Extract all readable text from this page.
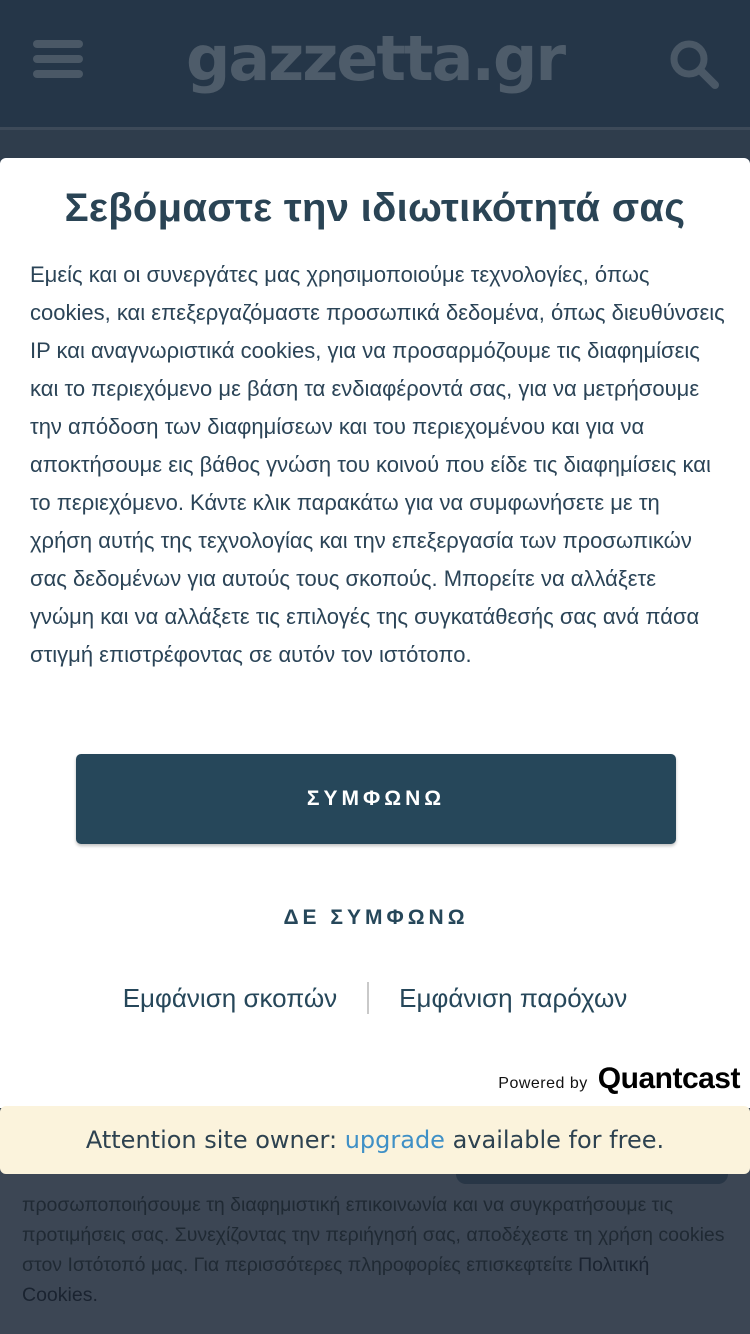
gazzetta.gr

προσωποποιήσουμε τη διαφημιστική επικοινωνία και να συγκρατήσουμε τις προτιμήσεις σας. Συνεχίζοντας την περιήγησή σας, αποδέχεστε τη χρήση cookies στον Ιστότοπό μας. Για περισσότερες πληροφορίες επισκεφτείτε Πολιτική Cookies.

Σεβόμαστε την ιδιωτικότητά σας
Εμείς και οι συνεργάτες μας χρησιμοποιούμε τεχνολογίες, όπως cookies, και επεξεργαζόμαστε προσωπικά δεδομένα, όπως διευθύνσεις IP και αναγνωριστικά cookies, για να προσαρμόζουμε τις διαφημίσεις και το περιεχόμενο με βάση τα ενδιαφέροντά σας, για να μετρήσουμε την απόδοση των διαφημίσεων και του περιεχομένου και για να αποκτήσουμε εις βάθος γνώση του κοινού που είδε τις διαφημίσεις και το περιεχόμενο. Κάντε κλικ παρακάτω για να συμφωνήσετε με τη χρήση αυτής της τεχνολογίας και την επεξεργασία των προσωπικών σας δεδομένων για αυτούς τους σκοπούς. Μπορείτε να αλλάξετε γνώμη και να αλλάξετε τις επιλογές της συγκατάθεσής σας ανά πάσα στιγμή επιστρέφοντας σε αυτόν τον ιστότοπο.
ΣΥΜΦΩΝΩ
ΔΕ ΣΥΜΦΩΝΩ
Εμφάνιση σκοπών	Εμφάνιση παρόχων
Powered by Quantcast
Attention site owner: upgrade available for free.
